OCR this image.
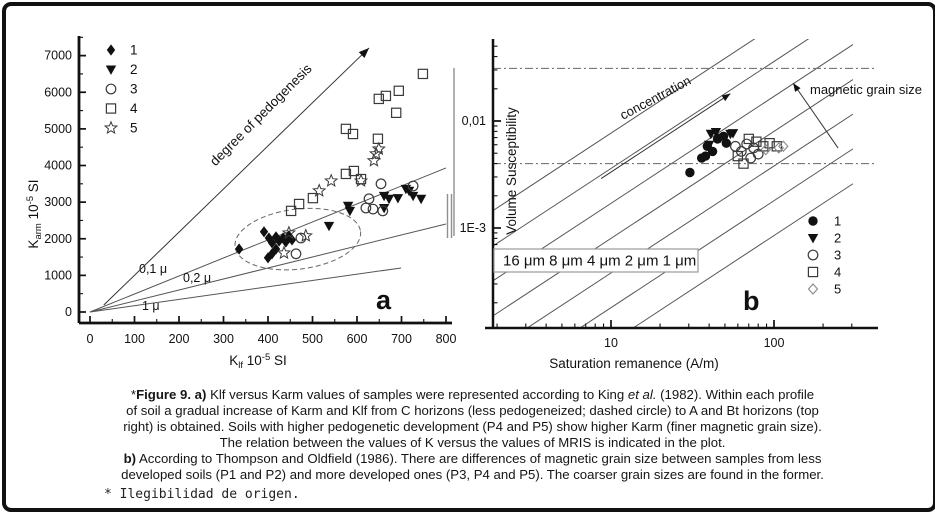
0,1 μ
0,2 μ
1 μ
degree of pedogenesis
0 100 200 300 400 500 600 700 800
0
1000
2000
3000
4000
5000
6000
7000
$K_{lf}$ $10^{-5}$ SI
$K_{arm}$ $10^{-5}$ SI
1
2
3
4
5
a
concentration	magnetic grain size
10	100
1E-3
0,01
Saturation remanence (A/m)
Volume Susceptibility
16 μm 8 μm 4 μm 2 μm 1 μm
1
2
3
4
5
b
*Figure 9. a) Klf versus Karm values of samples were represented according to King et al. (1982). Within each profile
of soil a gradual increase of Karm and Klf from C horizons (less pedogeneized; dashed circle) to A and Bt horizons (top
right) is obtained. Soils with higher pedogenetic development (P4 and P5) show higher Karm (finer magnetic grain size).
The relation between the values of K versus the values of MRIS is indicated in the plot.
b) According to Thompson and Oldfield (1986). There are differences of magnetic grain size between samples from less
developed soils (P1 and P2) and more developed ones (P3, P4 and P5). The coarser grain sizes are found in the former.
* Ilegibilidad de origen.
